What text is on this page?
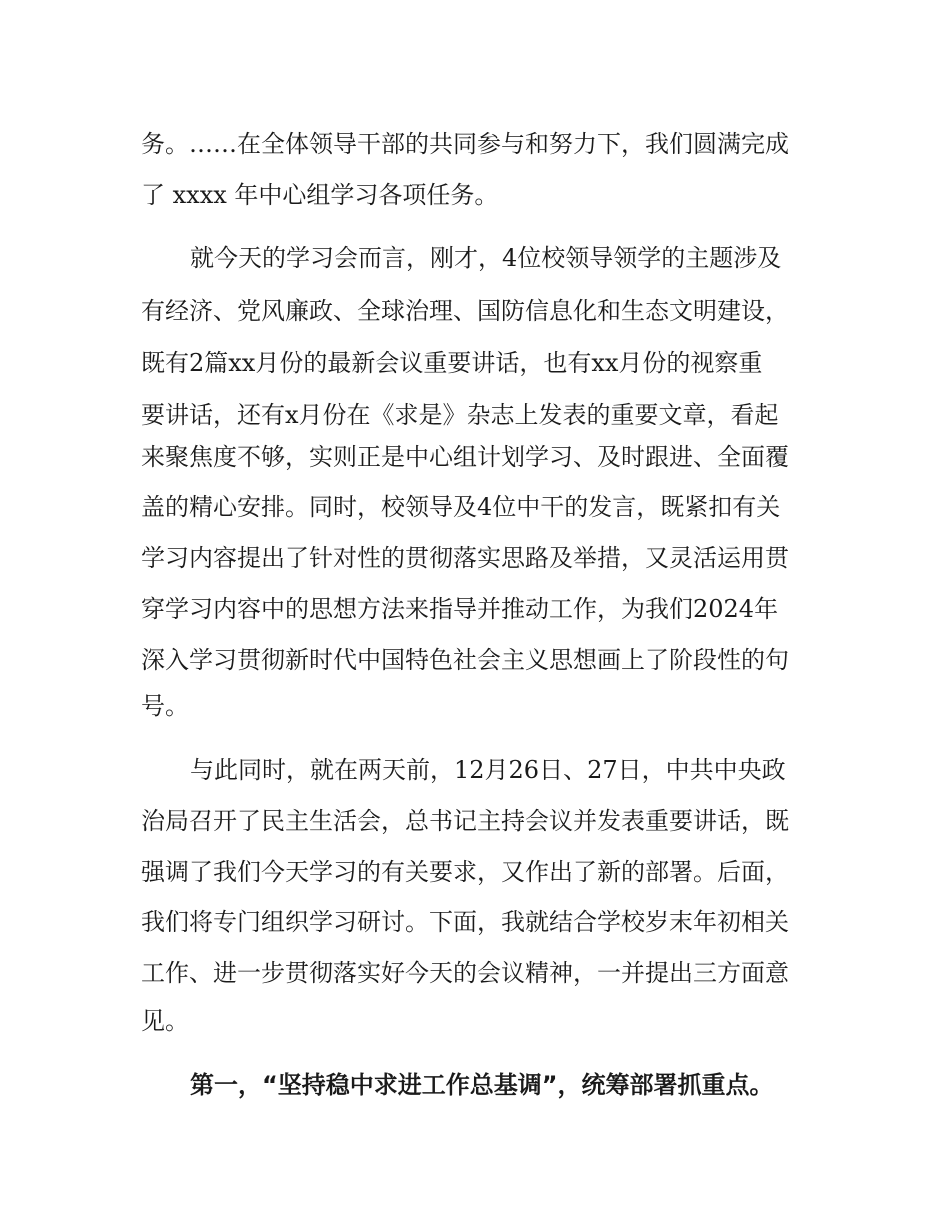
务。……在全体领导干部的共同参与和努力下，我们圆满完成
了 xxxx 年中心组学习各项任务。
就今天的学习会而言，刚才，4位校领导领学的主题涉及
有经济、党风廉政、全球治理、国防信息化和生态文明建设，
既有2篇xx月份的最新会议重要讲话，也有xx月份的视察重
要讲话，还有x月份在《求是》杂志上发表的重要文章，看起
来聚焦度不够，实则正是中心组计划学习、及时跟进、全面覆
盖的精心安排。同时，校领导及4位中干的发言，既紧扣有关
学习内容提出了针对性的贯彻落实思路及举措，又灵活运用贯
穿学习内容中的思想方法来指导并推动工作，为我们2024年
深入学习贯彻新时代中国特色社会主义思想画上了阶段性的句
号。
与此同时，就在两天前，12月26日、27日，中共中央政
治局召开了民主生活会，总书记主持会议并发表重要讲话，既
强调了我们今天学习的有关要求，又作出了新的部署。后面，
我们将专门组织学习研讨。下面，我就结合学校岁末年初相关
工作、进一步贯彻落实好今天的会议精神，一并提出三方面意
见。
第一，“坚持稳中求进工作总基调”，统筹部署抓重点。
